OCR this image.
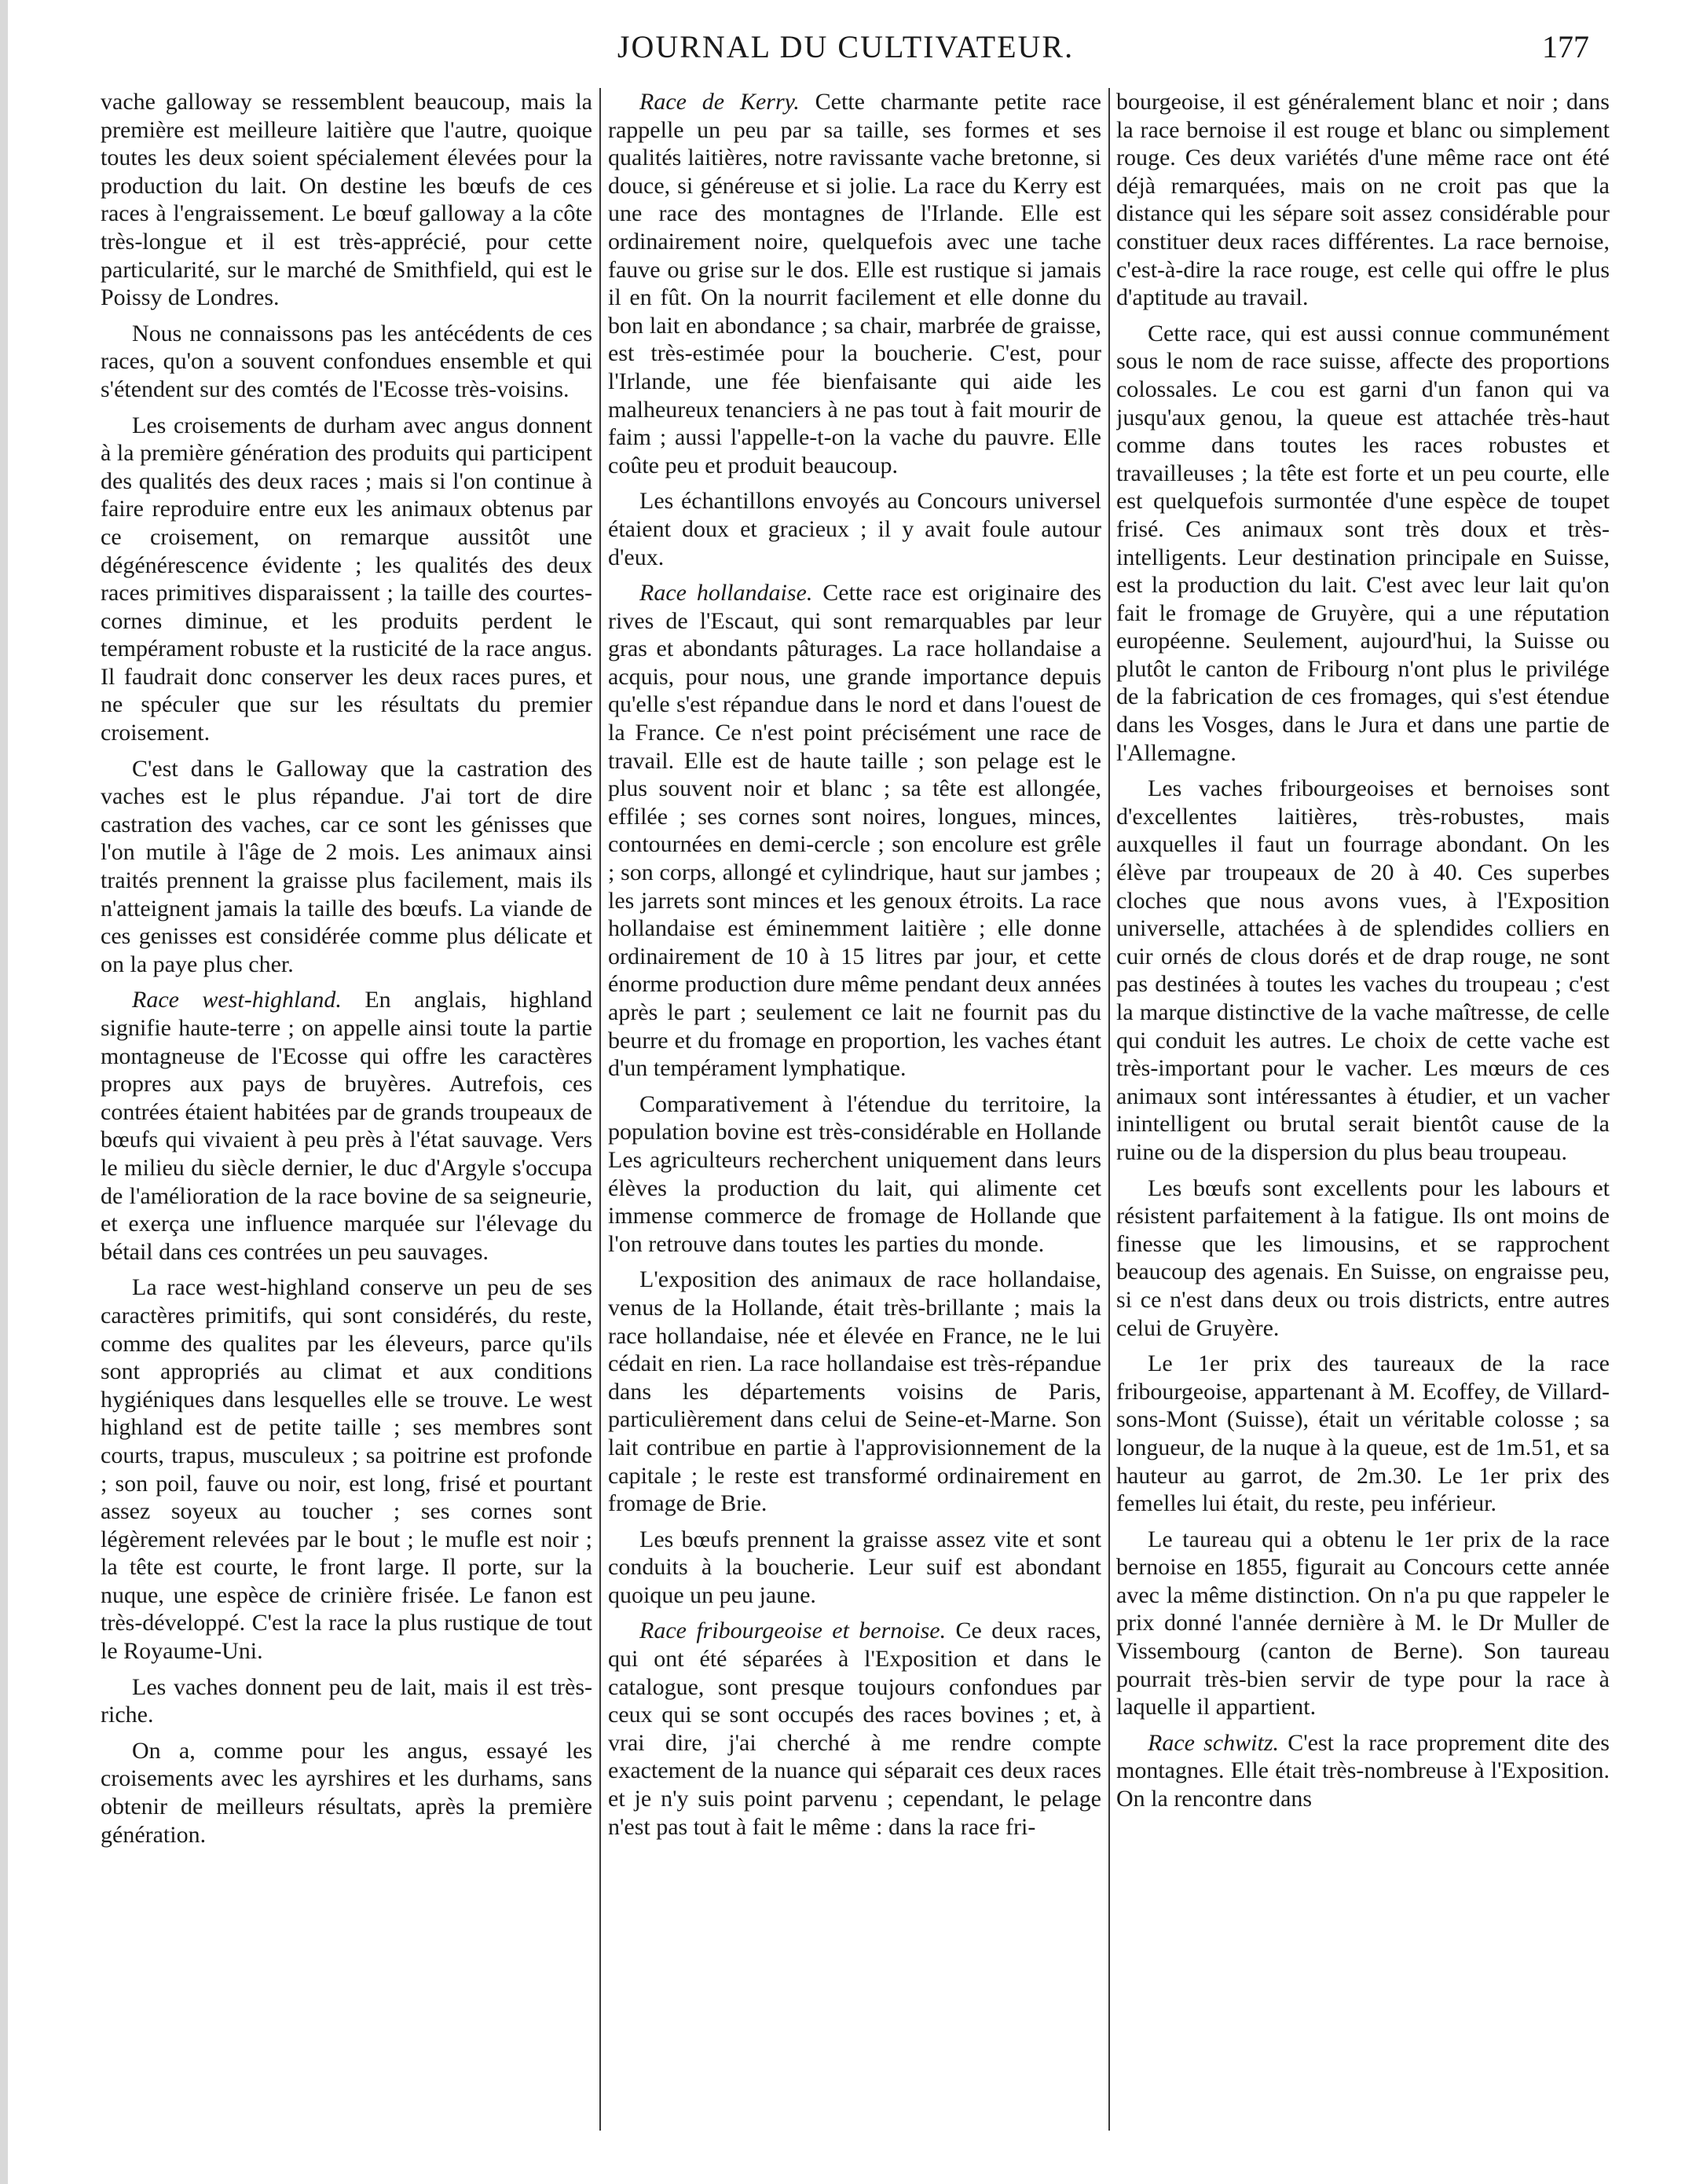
JOURNAL DU CULTIVATEUR.	177

vache galloway se ressemblent beaucoup, mais la première est meilleure laitière que l'autre, quoique toutes les deux soient spécialement élevées pour la production du lait. On destine les bœufs de ces races à l'engraissement. Le bœuf galloway a la côte très-longue et il est très-apprécié, pour cette particularité, sur le marché de Smithfield, qui est le Poissy de Londres.

Nous ne connaissons pas les antécédents de ces races, qu'on a souvent confondues ensemble et qui s'étendent sur des comtés de l'Ecosse très-voisins.

Les croisements de durham avec angus donnent à la première génération des produits qui participent des qualités des deux races ; mais si l'on continue à faire reproduire entre eux les animaux obtenus par ce croisement, on remarque aussitôt une dégénérescence évidente ; les qualités des deux races primitives disparaissent ; la taille des courtes-cornes diminue, et les produits perdent le tempérament robuste et la rusticité de la race angus. Il faudrait donc conserver les deux races pures, et ne spéculer que sur les résultats du premier croisement.

C'est dans le Galloway que la castration des vaches est le plus répandue. J'ai tort de dire castration des vaches, car ce sont les génisses que l'on mutile à l'âge de 2 mois. Les animaux ainsi traités prennent la graisse plus facilement, mais ils n'atteignent jamais la taille des bœufs. La viande de ces genisses est considérée comme plus délicate et on la paye plus cher.

Race west-highland. En anglais, highland signifie haute-terre ; on appelle ainsi toute la partie montagneuse de l'Ecosse qui offre les caractères propres aux pays de bruyères. Autrefois, ces contrées étaient habitées par de grands troupeaux de bœufs qui vivaient à peu près à l'état sauvage. Vers le milieu du siècle dernier, le duc d'Argyle s'occupa de l'amélioration de la race bovine de sa seigneurie, et exerça une influence marquée sur l'élevage du bétail dans ces contrées un peu sauvages.

La race west-highland conserve un peu de ses caractères primitifs, qui sont considérés, du reste, comme des qualites par les éleveurs, parce qu'ils sont appropriés au climat et aux conditions hygiéniques dans lesquelles elle se trouve. Le west highland est de petite taille ; ses membres sont courts, trapus, musculeux ; sa poitrine est profonde ; son poil, fauve ou noir, est long, frisé et pourtant assez soyeux au toucher ; ses cornes sont légèrement relevées par le bout ; le mufle est noir ; la tête est courte, le front large. Il porte, sur la nuque, une espèce de crinière frisée. Le fanon est très-développé. C'est la race la plus rustique de tout le Royaume-Uni.

Les vaches donnent peu de lait, mais il est très-riche.

On a, comme pour les angus, essayé les croisements avec les ayrshires et les durhams, sans obtenir de meilleurs résultats, après la première génération.

Race de Kerry. Cette charmante petite race rappelle un peu par sa taille, ses formes et ses qualités laitières, notre ravissante vache bretonne, si douce, si généreuse et si jolie. La race du Kerry est une race des montagnes de l'Irlande. Elle est ordinairement noire, quelquefois avec une tache fauve ou grise sur le dos. Elle est rustique si jamais il en fût. On la nourrit facilement et elle donne du bon lait en abondance ; sa chair, marbrée de graisse, est très-estimée pour la boucherie. C'est, pour l'Irlande, une fée bienfaisante qui aide les malheureux tenanciers à ne pas tout à fait mourir de faim ; aussi l'appelle-t-on la vache du pauvre. Elle coûte peu et produit beaucoup.

Les échantillons envoyés au Concours universel étaient doux et gracieux ; il y avait foule autour d'eux.

Race hollandaise. Cette race est originaire des rives de l'Escaut, qui sont remarquables par leur gras et abondants pâturages. La race hollandaise a acquis, pour nous, une grande importance depuis qu'elle s'est répandue dans le nord et dans l'ouest de la France. Ce n'est point précisément une race de travail. Elle est de haute taille ; son pelage est le plus souvent noir et blanc ; sa tête est allongée, effilée ; ses cornes sont noires, longues, minces, contournées en demi-cercle ; son encolure est grêle ; son corps, allongé et cylindrique, haut sur jambes ; les jarrets sont minces et les genoux étroits. La race hollandaise est éminemment laitière ; elle donne ordinairement de 10 à 15 litres par jour, et cette énorme production dure même pendant deux années après le part ; seulement ce lait ne fournit pas du beurre et du fromage en proportion, les vaches étant d'un tempérament lymphatique.

Comparativement à l'étendue du territoire, la population bovine est très-considérable en Hollande Les agriculteurs recherchent uniquement dans leurs élèves la production du lait, qui alimente cet immense commerce de fromage de Hollande que l'on retrouve dans toutes les parties du monde.

L'exposition des animaux de race hollandaise, venus de la Hollande, était très-brillante ; mais la race hollandaise, née et élevée en France, ne le lui cédait en rien. La race hollandaise est très-répandue dans les départements voisins de Paris, particulièrement dans celui de Seine-et-Marne. Son lait contribue en partie à l'approvisionnement de la capitale ; le reste est transformé ordinairement en fromage de Brie.

Les bœufs prennent la graisse assez vite et sont conduits à la boucherie. Leur suif est abondant quoique un peu jaune.

Race fribourgeoise et bernoise. Ce deux races, qui ont été séparées à l'Exposition et dans le catalogue, sont presque toujours confondues par ceux qui se sont occupés des races bovines ; et, à vrai dire, j'ai cherché à me rendre compte exactement de la nuance qui séparait ces deux races et je n'y suis point parvenu ; cependant, le pelage n'est pas tout à fait le même : dans la race fri-

bourgeoise, il est généralement blanc et noir ; dans la race bernoise il est rouge et blanc ou simplement rouge. Ces deux variétés d'une même race ont été déjà remarquées, mais on ne croit pas que la distance qui les sépare soit assez considérable pour constituer deux races différentes. La race bernoise, c'est-à-dire la race rouge, est celle qui offre le plus d'aptitude au travail.

Cette race, qui est aussi connue communément sous le nom de race suisse, affecte des proportions colossales. Le cou est garni d'un fanon qui va jusqu'aux genou, la queue est attachée très-haut comme dans toutes les races robustes et travailleuses ; la tête est forte et un peu courte, elle est quelquefois surmontée d'une espèce de toupet frisé. Ces animaux sont très doux et très-intelligents. Leur destination principale en Suisse, est la production du lait. C'est avec leur lait qu'on fait le fromage de Gruyère, qui a une réputation européenne. Seulement, aujourd'hui, la Suisse ou plutôt le canton de Fribourg n'ont plus le privilége de la fabrication de ces fromages, qui s'est étendue dans les Vosges, dans le Jura et dans une partie de l'Allemagne.

Les vaches fribourgeoises et bernoises sont d'excellentes laitières, très-robustes, mais auxquelles il faut un fourrage abondant. On les élève par troupeaux de 20 à 40. Ces superbes cloches que nous avons vues, à l'Exposition universelle, attachées à de splendides colliers en cuir ornés de clous dorés et de drap rouge, ne sont pas destinées à toutes les vaches du troupeau ; c'est la marque distinctive de la vache maîtresse, de celle qui conduit les autres. Le choix de cette vache est très-important pour le vacher. Les mœurs de ces animaux sont intéressantes à étudier, et un vacher inintelligent ou brutal serait bientôt cause de la ruine ou de la dispersion du plus beau troupeau.

Les bœufs sont excellents pour les labours et résistent parfaitement à la fatigue. Ils ont moins de finesse que les limousins, et se rapprochent beaucoup des agenais. En Suisse, on engraisse peu, si ce n'est dans deux ou trois districts, entre autres celui de Gruyère.

Le 1er prix des taureaux de la race fribourgeoise, appartenant à M. Ecoffey, de Villard-sons-Mont (Suisse), était un véritable colosse ; sa longueur, de la nuque à la queue, est de 1m.51, et sa hauteur au garrot, de 2m.30. Le 1er prix des femelles lui était, du reste, peu inférieur.

Le taureau qui a obtenu le 1er prix de la race bernoise en 1855, figurait au Concours cette année avec la même distinction. On n'a pu que rappeler le prix donné l'année dernière à M. le Dr Muller de Vissembourg (canton de Berne). Son taureau pourrait très-bien servir de type pour la race à laquelle il appartient.

Race schwitz. C'est la race proprement dite des montagnes. Elle était très-nombreuse à l'Exposition. On la rencontre dans
